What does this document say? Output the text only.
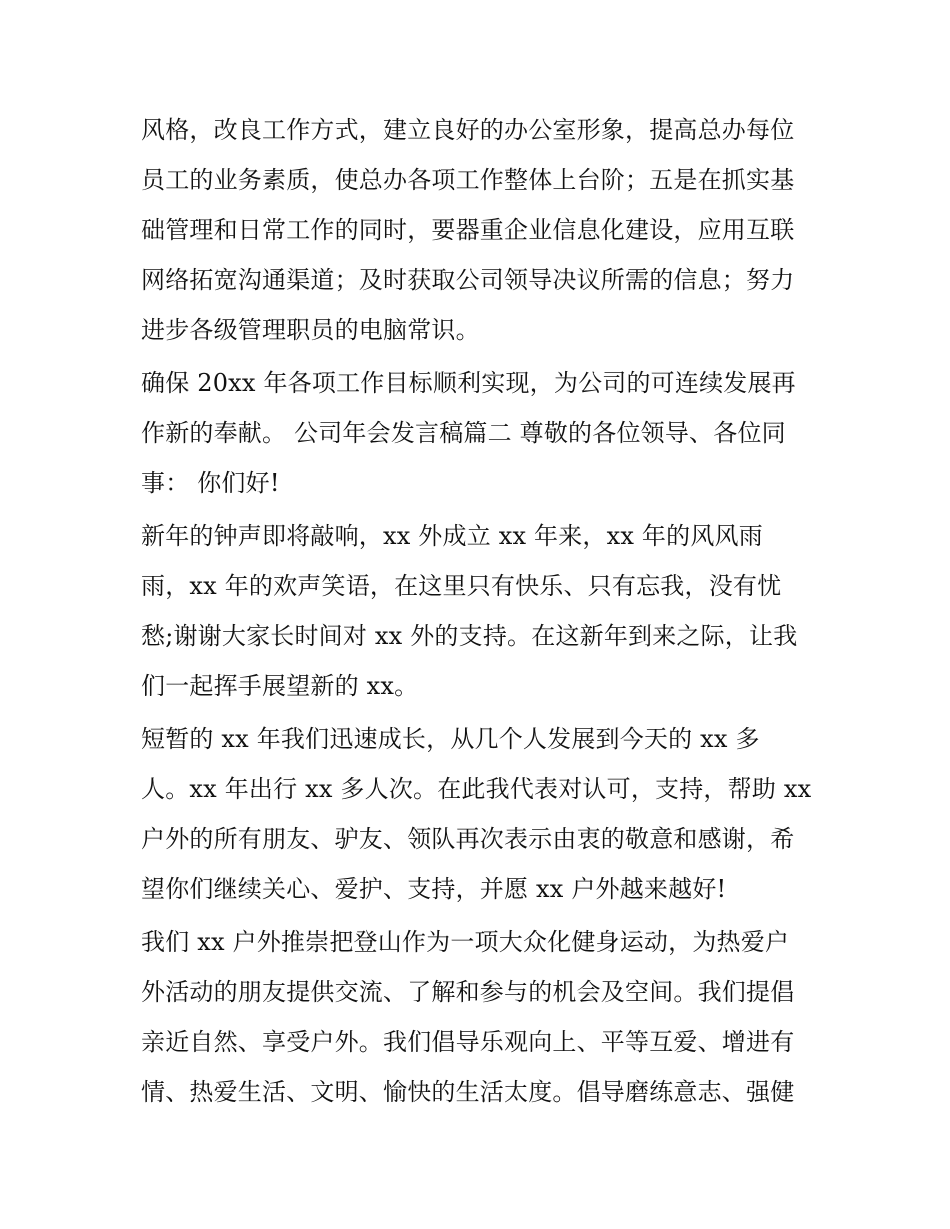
风格，改良工作方式，建立良好的办公室形象，提高总办每位
员工的业务素质，使总办各项工作整体上台阶；五是在抓实基
础管理和日常工作的同时，要器重企业信息化建设，应用互联
网络拓宽沟通渠道；及时获取公司领导决议所需的信息；努力
进步各级管理职员的电脑常识。
确保 20xx 年各项工作目标顺利实现，为公司的可连续发展再
作新的奉献。 公司年会发言稿篇二 尊敬的各位领导、各位同
事： 你们好!
新年的钟声即将敲响，xx 外成立 xx 年来，xx 年的风风雨
雨，xx 年的欢声笑语，在这里只有快乐、只有忘我，没有忧
愁;谢谢大家长时间对 xx 外的支持。在这新年到来之际，让我
们一起挥手展望新的 xx。
短暂的 xx 年我们迅速成长，从几个人发展到今天的 xx 多
人。xx 年出行 xx 多人次。在此我代表对认可，支持，帮助 xx
户外的所有朋友、驴友、领队再次表示由衷的敬意和感谢，希
望你们继续关心、爱护、支持，并愿 xx 户外越来越好!
我们 xx 户外推崇把登山作为一项大众化健身运动，为热爱户
外活动的朋友提供交流、了解和参与的机会及空间。我们提倡
亲近自然、享受户外。我们倡导乐观向上、平等互爱、增进有
情、热爱生活、文明、愉快的生活太度。倡导磨练意志、强健
